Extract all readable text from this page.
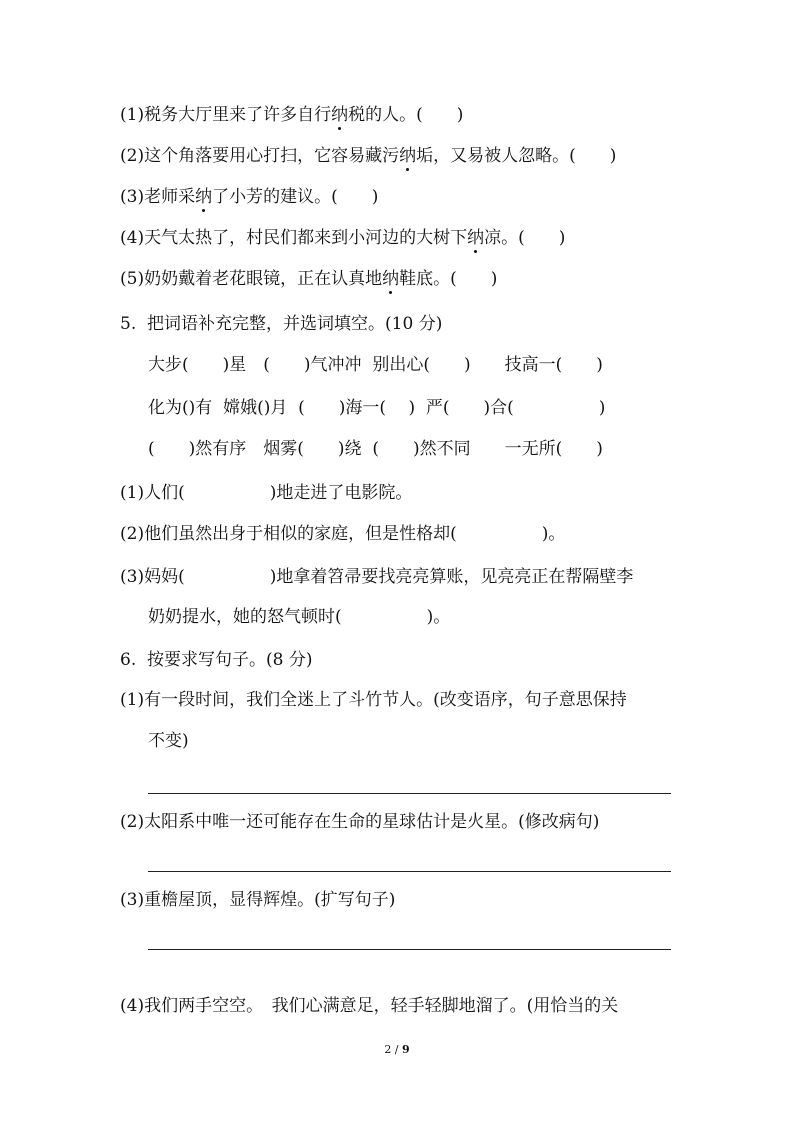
(1)税务大厅里来了许多自行纳税的人。(　　)
(2)这个角落要用心打扫，它容易藏污纳垢，又易被人忽略。(　　)
(3)老师采纳了小芳的建议。(　　)
(4)天气太热了，村民们都来到小河边的大树下纳凉。(　　)
(5)奶奶戴着老花眼镜，正在认真地纳鞋底。(　　)
5.  把词语补充完整，并选词填空。(10 分)
大步(　　)星　(　　)气冲冲  别出心(　　)　　技高一(　　)
化为()有  嫦娥()月  (　　)海一(　 )  严(　　)合(　　　　　)
(　　)然有序　烟雾(　　)绕  (　　)然不同　　一无所(　　)
(1)人们(　　　　　)地走进了电影院。
(2)他们虽然出身于相似的家庭，但是性格却(　　　　　)。
(3)妈妈(　　　　　)地拿着笤帚要找亮亮算账，见亮亮正在帮隔壁李
奶奶提水，她的怒气顿时(　　　　　)。
6.  按要求写句子。(8 分)
(1)有一段时间，我们全迷上了斗竹节人。(改变语序，句子意思保持
不变)
(2)太阳系中唯一还可能存在生命的星球估计是火星。(修改病句)
(3)重檐屋顶，显得辉煌。(扩写句子)
(4)我们两手空空。　我们心满意足，轻手轻脚地溜了。(用恰当的关
2 / 9
